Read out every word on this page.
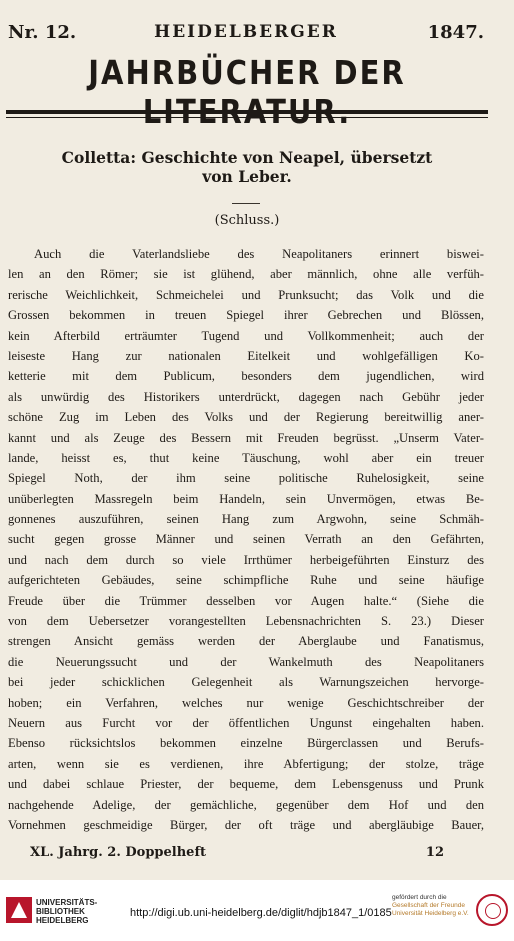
Nr. 12.	HEIDELBERGER	1847.
JAHRBÜCHER DER LITERATUR.
Colletta: Geschichte von Neapel, übersetzt
von Leber.
(Schluss.)
Auch die Vaterlandsliebe des Neapolitaners erinnert biswei-
len an den Römer; sie ist glühend, aber männlich, ohne alle verfüh-
rerische Weichlichkeit, Schmeichelei und Prunksucht; das Volk und die
Grossen bekommen in treuen Spiegel ihrer Gebrechen und Blössen,
kein Afterbild erträumter Tugend und Vollkommenheit; auch der
leiseste Hang zur nationalen Eitelkeit und wohlgefälligen Ko-
ketterie mit dem Publicum, besonders dem jugendlichen, wird
als unwürdig des Historikers unterdrückt, dagegen nach Gebühr jeder
schöne Zug im Leben des Volks und der Regierung bereitwillig aner-
kannt und als Zeuge des Bessern mit Freuden begrüsst. „Unserm Vater-
lande, heisst es, thut keine Täuschung, wohl aber ein treuer
Spiegel Noth, der ihm seine politische Ruhelosigkeit, seine
unüberlegten Massregeln beim Handeln, sein Unvermögen, etwas Be-
gonnenes auszuführen, seinen Hang zum Argwohn, seine Schmäh-
sucht gegen grosse Männer und seinen Verrath an den Gefährten,
und nach dem durch so viele Irrthümer herbeigeführten Einsturz des
aufgerichteten Gebäudes, seine schimpfliche Ruhe und seine häufige
Freude über die Trümmer desselben vor Augen halte.“ (Siehe die
von dem Uebersetzer vorangestellten Lebensnachrichten S. 23.) Dieser
strengen Ansicht gemäss werden der Aberglaube und Fanatismus,
die Neuerungssucht und der Wankelmuth des Neapolitaners
bei jeder schicklichen Gelegenheit als Warnungszeichen hervorge-
hoben; ein Verfahren, welches nur wenige Geschichtschreiber der
Neuern aus Furcht vor der öffentlichen Ungunst eingehalten haben.
Ebenso rücksichtslos bekommen einzelne Bürgerclassen und Berufs-
arten, wenn sie es verdienen, ihre Abfertigung; der stolze, träge
und dabei schlaue Priester, der bequeme, dem Lebensgenuss und Prunk
nachgehende Adelige, der gemächliche, gegenüber dem Hof und den
Vornehmen geschmeidige Bürger, der oft träge und abergläubige Bauer,
XL. Jahrg. 2. Doppelheft	12
UNIVERSITÄTS-
BIBLIOTHEK
HEIDELBERG
http://digi.ub.uni-heidelberg.de/diglit/hdjb1847_1/0185
gefördert durch die
Gesellschaft der Freunde
Universität Heidelberg e.V.
